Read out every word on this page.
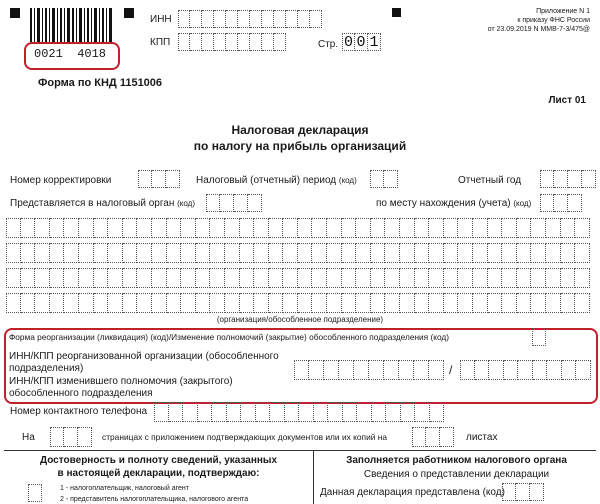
0021  4018
Форма по КНД 1151006
ИНН
КПП	Стр. 0 0 1
Приложение N 1
к приказу ФНС России
от 23.09.2019 N ММВ-7-3/475@
Лист 01
Налоговая декларация
по налогу на прибыль организаций
Номер корректировки	Налоговый (отчетный) период (код)	Отчетный год
Представляется в налоговый орган (код)	по месту нахождения (учета) (код)
(организация/обособленное подразделение)
Форма реорганизации (ликвидация) (код)/Изменение полномочий (закрытие) обособленного подразделения (код)
ИНН/КПП реорганизованной организации (обособленного
подразделения)
ИНН/КПП изменившего полномочия (закрытого)
обособленного подразделения
/
Номер контактного телефона
На	страницах с приложением подтверждающих документов или их копий на	листах
Достоверность и полноту сведений, указанных
в настоящей декларации, подтверждаю:
1 - налогоплательщик, налоговый агент
2 - представитель налогоплательщика, налогового агента
Заполняется работником налогового органа
Сведения о представлении декларации
Данная декларация представлена (код)
